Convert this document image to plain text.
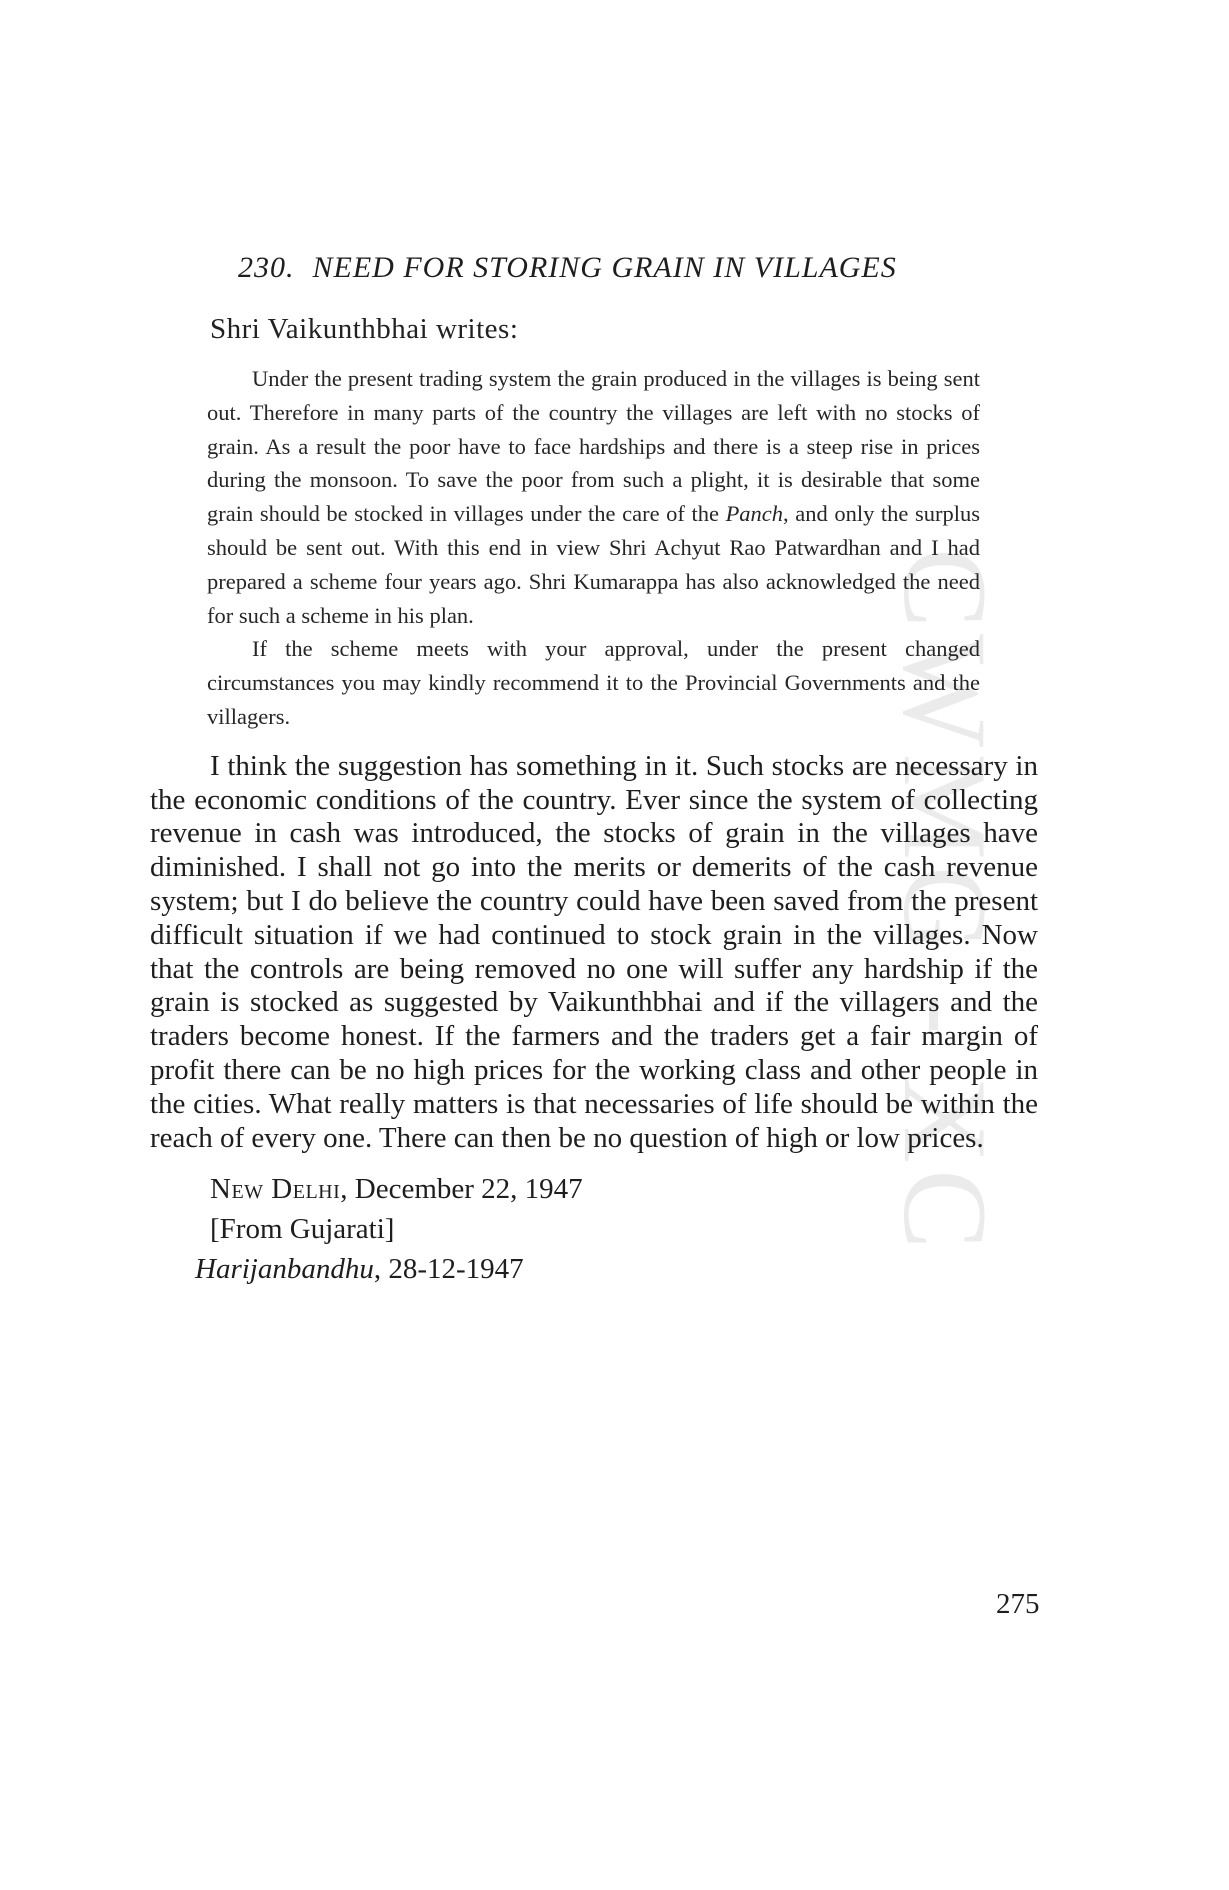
CWMG - XC
230. NEED FOR STORING GRAIN IN VILLAGES
Shri Vaikunthbhai writes:

Under the present trading system the grain produced in the villages is being sent out. Therefore in many parts of the country the villages are left with no stocks of grain. As a result the poor have to face hardships and there is a steep rise in prices during the monsoon. To save the poor from such a plight, it is desirable that some grain should be stocked in villages under the care of the Panch, and only the surplus should be sent out. With this end in view Shri Achyut Rao Patwardhan and I had prepared a scheme four years ago. Shri Kumarappa has also acknowledged the need for such a scheme in his plan.

If the scheme meets with your approval, under the present changed circumstances you may kindly recommend it to the Provincial Governments and the villagers.

I think the suggestion has something in it. Such stocks are necessary in the economic conditions of the country. Ever since the system of collecting revenue in cash was introduced, the stocks of grain in the villages have diminished. I shall not go into the merits or demerits of the cash revenue system; but I do believe the country could have been saved from the present difficult situation if we had continued to stock grain in the villages. Now that the controls are being removed no one will suffer any hardship if the grain is stocked as suggested by Vaikunthbhai and if the villagers and the traders become honest. If the farmers and the traders get a fair margin of profit there can be no high prices for the working class and other people in the cities. What really matters is that necessaries of life should be within the reach of every one. There can then be no question of high or low prices.

New Delhi, December 22, 1947
[From Gujarati]
Harijanbandhu, 28-12-1947
275
